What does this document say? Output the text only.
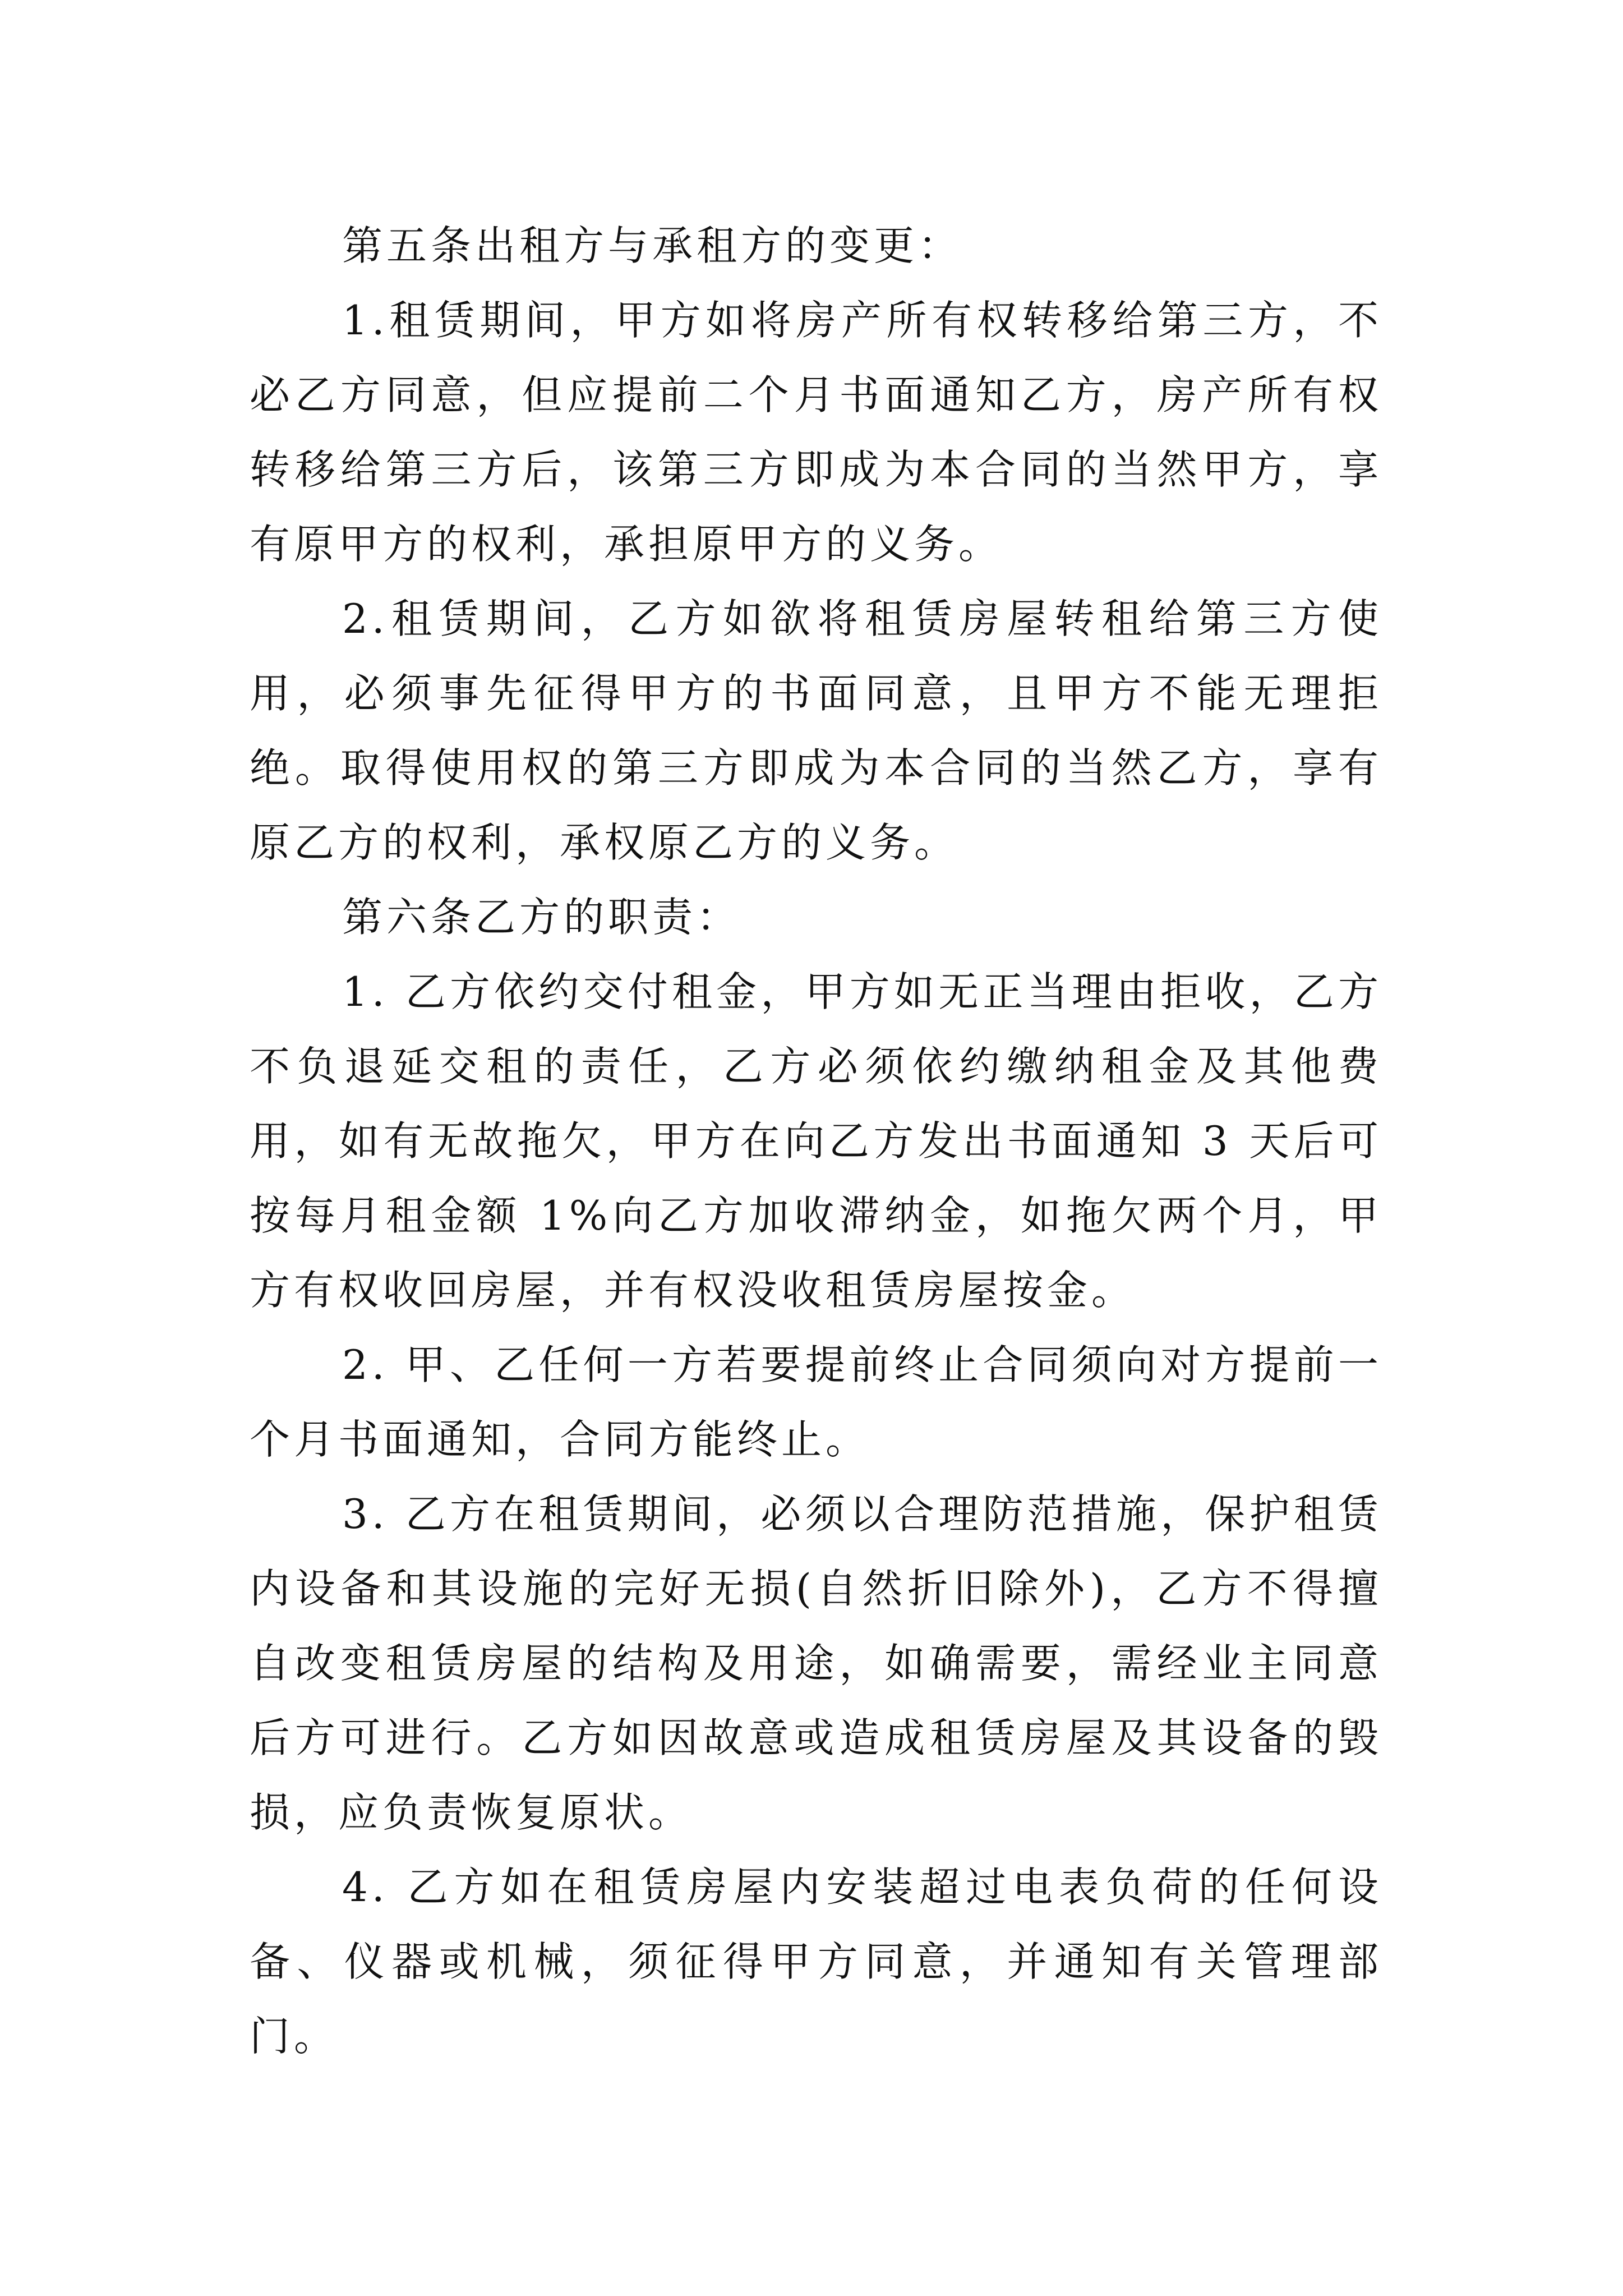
第五条出租方与承租方的变更：

1.租赁期间，甲方如将房产所有权转移给第三方，不必乙方同意，但应提前二个月书面通知乙方，房产所有权转移给第三方后，该第三方即成为本合同的当然甲方，享有原甲方的权利，承担原甲方的义务。

2.租赁期间，乙方如欲将租赁房屋转租给第三方使用，必须事先征得甲方的书面同意，且甲方不能无理拒绝。取得使用权的第三方即成为本合同的当然乙方，享有原乙方的权利，承权原乙方的义务。

第六条乙方的职责：

1. 乙方依约交付租金，甲方如无正当理由拒收，乙方不负退延交租的责任，乙方必须依约缴纳租金及其他费用，如有无故拖欠，甲方在向乙方发出书面通知 3 天后可按每月租金额 1%向乙方加收滞纳金，如拖欠两个月，甲方有权收回房屋，并有权没收租赁房屋按金。

2. 甲、乙任何一方若要提前终止合同须向对方提前一个月书面通知，合同方能终止。

3. 乙方在租赁期间，必须以合理防范措施，保护租赁内设备和其设施的完好无损(自然折旧除外)，乙方不得擅自改变租赁房屋的结构及用途，如确需要，需经业主同意后方可进行。乙方如因故意或造成租赁房屋及其设备的毁损，应负责恢复原状。

4. 乙方如在租赁房屋内安装超过电表负荷的任何设备、仪器或机械，须征得甲方同意，并通知有关管理部门。
